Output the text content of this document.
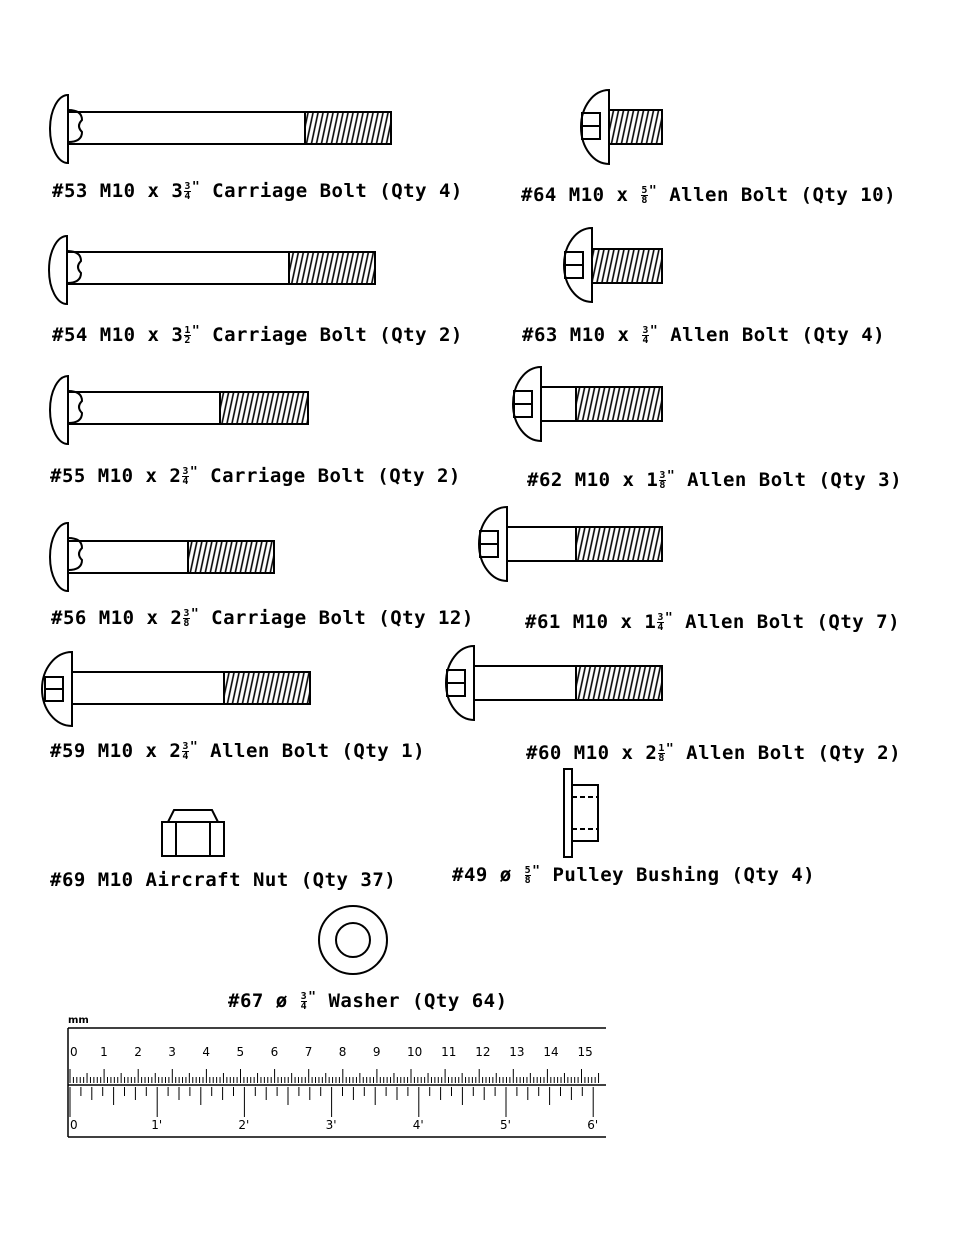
#53 M10 x $3 \frac{3}{4} ^"$ Carriage Bolt (Qty 4)	#64 M10 x $\frac{5}{8} ^"$ Allen Bolt (Qty 10)
#54 M10 x $3 \frac{1}{2} ^"$ Carriage Bolt (Qty 2)	#63 M10 x $\frac{3}{4} ^"$ Allen Bolt (Qty 4)
#55 M10 x $2 \frac{3}{4} ^"$ Carriage Bolt (Qty 2)	#62 M10 x $1 \frac{3}{8} ^"$ Allen Bolt (Qty 3)
#56 M10 x $2 \frac{3}{8} ^"$ Carriage Bolt (Qty 12)	#61 M10 x $1 \frac{3}{4} ^"$ Allen Bolt (Qty 7)
#59 M10 x $2 \frac{3}{4} ^"$ Allen Bolt (Qty 1)	#60 M10 x $2 \frac{1}{8} ^"$ Allen Bolt (Qty 2)
#69 M10 Aircraft Nut (Qty 37)	#49 ø $\frac{5}{8} ^"$ Pulley Bushing (Qty 4)
#67 ø $\frac{3}{4} ^"$ Washer (Qty 64)
mm
0 1 2 3 4 5 6 7 8 9 10 11 12 13 14 15
0	1'	2'	3'	4'	5'	6'
